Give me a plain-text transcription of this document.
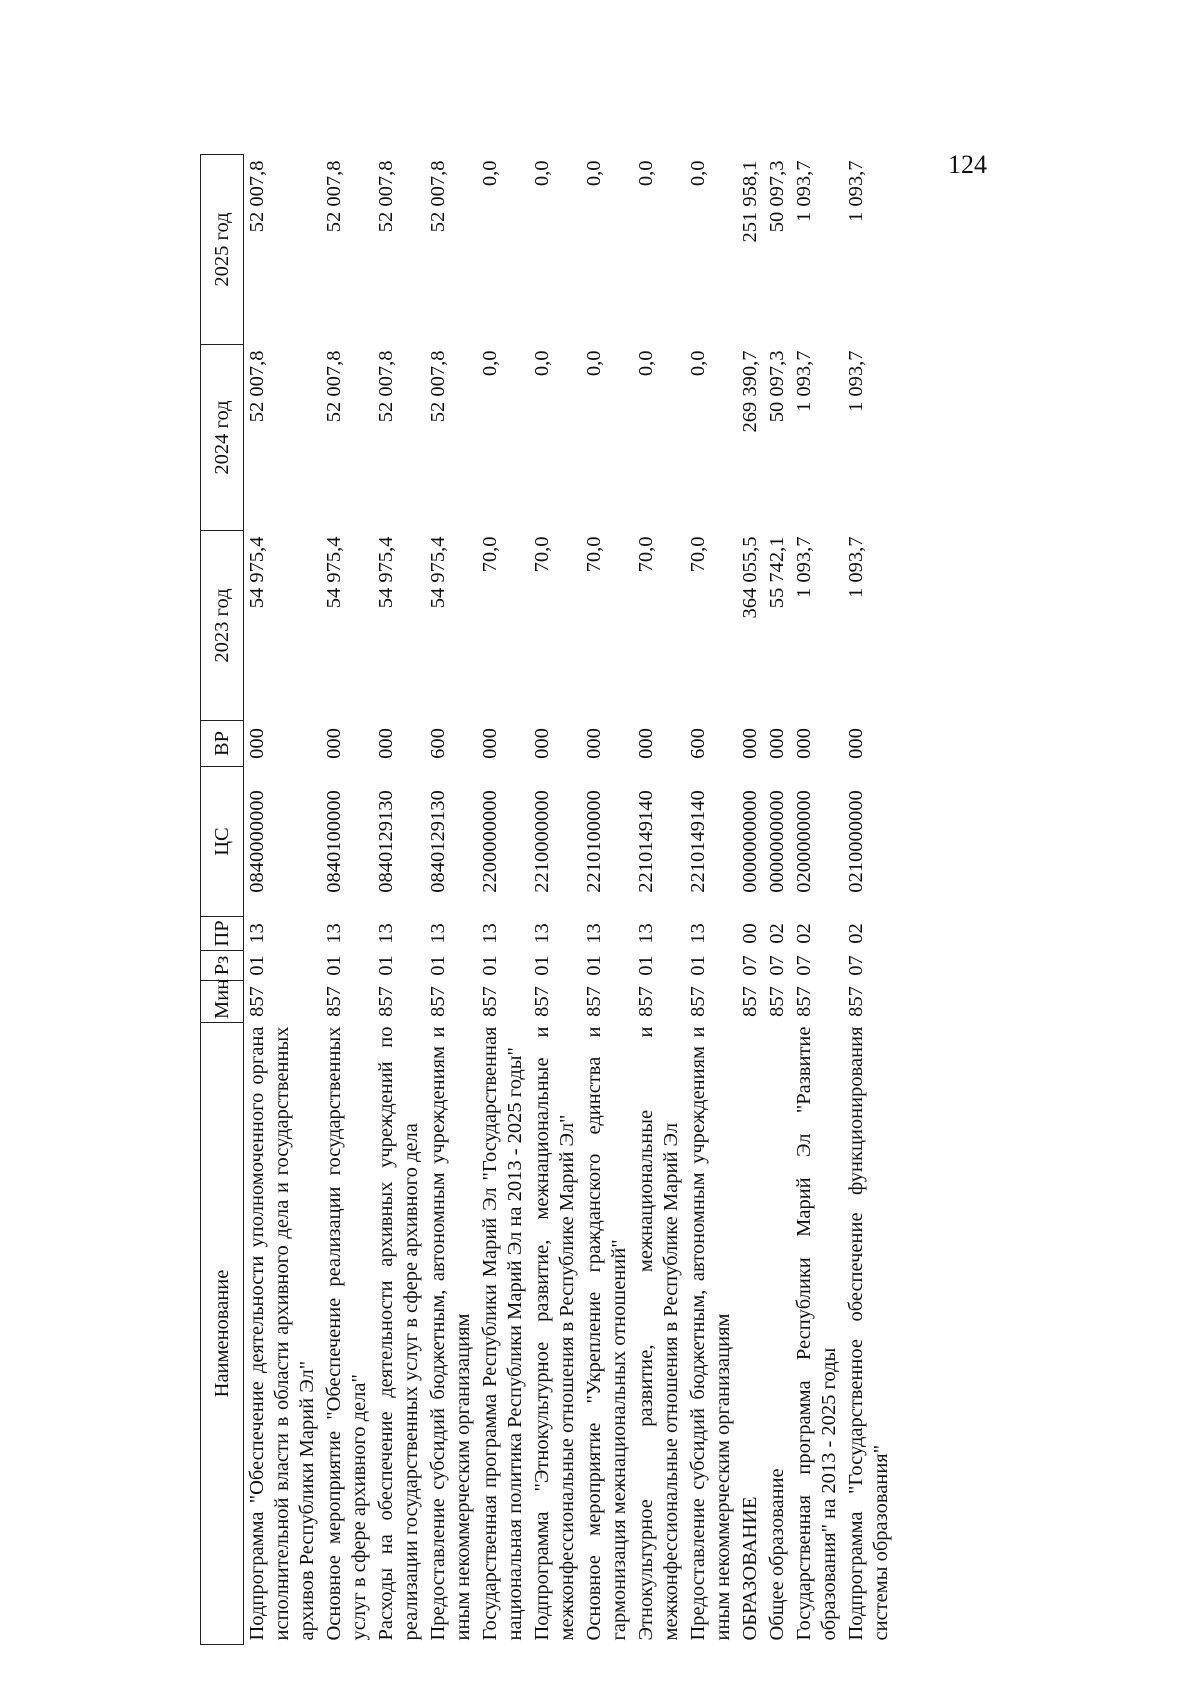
124
Наименование	Мин	Рз	ПР	ЦС	ВР	2023 год	2024 год	2025 год
Подпрограмма "Обеспечение деятельности уполномоченного органа исполнительной власти в области архивного дела и государственных архивов Республики Марий Эл"	857	01	13	0840000000	000	54 975,4	52 007,8	52 007,8
Основное мероприятие "Обеспечение реализации государственных услуг в сфере архивного дела"	857	01	13	0840100000	000	54 975,4	52 007,8	52 007,8
Расходы на обеспечение деятельности архивных учреждений по реализации государственных услуг в сфере архивного дела	857	01	13	0840129130	000	54 975,4	52 007,8	52 007,8
Предоставление субсидий бюджетным, автономным учреждениям и иным некоммерческим организациям	857	01	13	0840129130	600	54 975,4	52 007,8	52 007,8
Государственная программа Республики Марий Эл "Государственная национальная политика Республики Марий Эл на 2013 - 2025 годы"	857	01	13	2200000000	000	70,0	0,0	0,0
Подпрограмма "Этнокультурное развитие, межнациональные и межконфессиональные отношения в Республике Марий Эл"	857	01	13	2210000000	000	70,0	0,0	0,0
Основное мероприятие "Укрепление гражданского единства и гармонизация межнациональных отношений"	857	01	13	2210100000	000	70,0	0,0	0,0
Этнокультурное развитие, межнациональные и межконфессиональные отношения в Республике Марий Эл	857	01	13	2210149140	000	70,0	0,0	0,0
Предоставление субсидий бюджетным, автономным учреждениям и иным некоммерческим организациям	857	01	13	2210149140	600	70,0	0,0	0,0
ОБРАЗОВАНИЕ	857	07	00	0000000000	000	364 055,5	269 390,7	251 958,1
Общее образование	857	07	02	0000000000	000	55 742,1	50 097,3	50 097,3
Государственная программа Республики Марий Эл "Развитие образования" на 2013 - 2025 годы	857	07	02	0200000000	000	1 093,7	1 093,7	1 093,7
Подпрограмма "Государственное обеспечение функционирования системы образования"	857	07	02	0210000000	000	1 093,7	1 093,7	1 093,7
